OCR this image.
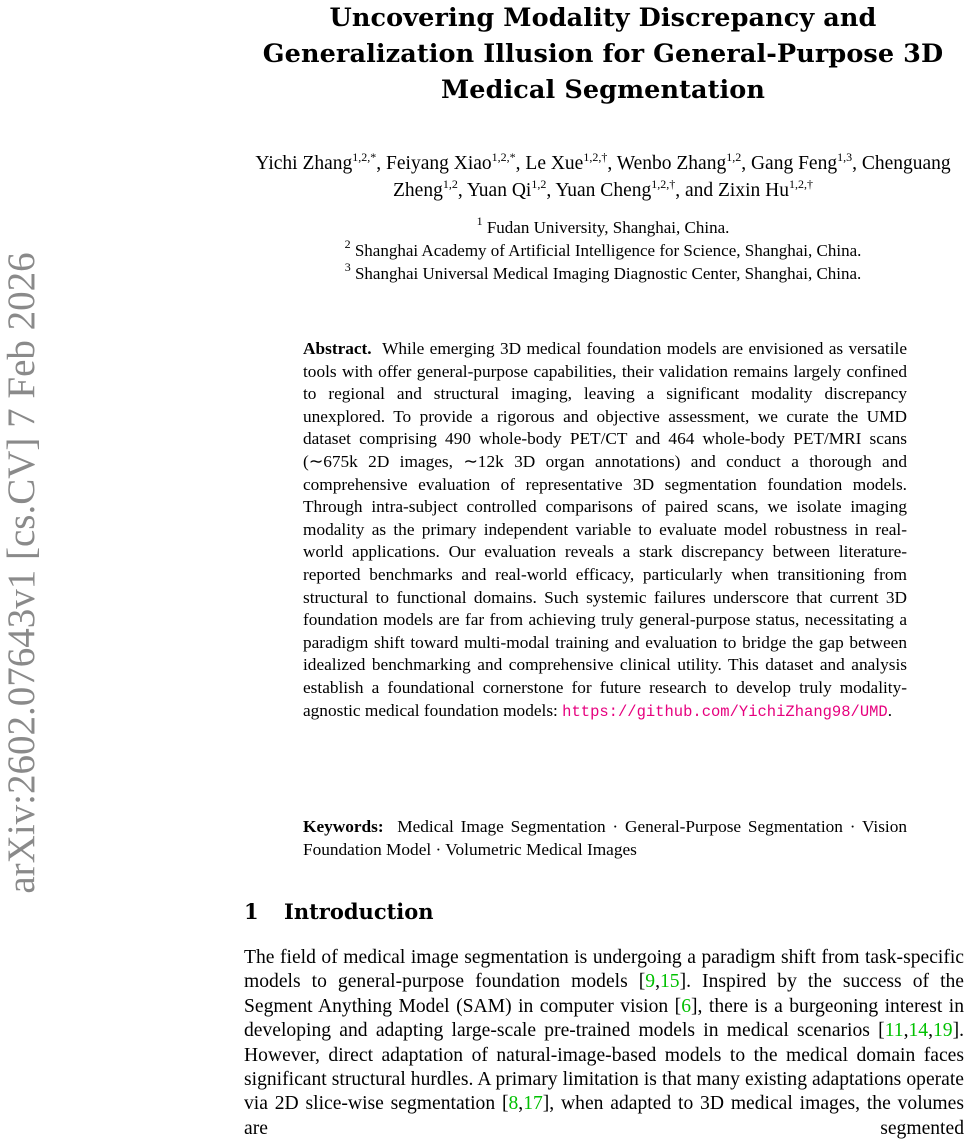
arXiv:2602.07643v1 [cs.CV] 7 Feb 2026
Uncovering Modality Discrepancy and Generalization Illusion for General-Purpose 3D Medical Segmentation
Yichi Zhang$^{1,2,*}$, Feiyang Xiao$^{1,2,*}$, Le Xue$^{1,2,\dagger}$, Wenbo Zhang$^{1,2}$, Gang Feng$^{1,3}$, Chenguang Zheng$^{1,2}$, Yuan Qi$^{1,2}$, Yuan Cheng$^{1,2,\dagger}$, and Zixin $Hu^{1,2,\dagger}$
$^1$ Fudan University, Shanghai, China.
$^2$ Shanghai Academy of Artificial Intelligence for Science, Shanghai, China.
$^3$ Shanghai Universal Medical Imaging Diagnostic Center, Shanghai, China.
Abstract. While emerging 3D medical foundation models are envisioned as versatile tools with offer general-purpose capabilities, their validation remains largely confined to regional and structural imaging, leaving a significant modality discrepancy unexplored. To provide a rigorous and objective assessment, we curate the UMD dataset comprising 490 whole-body PET/CT and 464 whole-body PET/MRI scans (∼675k 2D images, ∼12k 3D organ annotations) and conduct a thorough and comprehensive evaluation of representative 3D segmentation foundation models. Through intra-subject controlled comparisons of paired scans, we isolate imaging modality as the primary independent variable to evaluate model robustness in real-world applications. Our evaluation reveals a stark discrepancy between literature-reported benchmarks and real-world efficacy, particularly when transitioning from structural to functional domains. Such systemic failures underscore that current 3D foundation models are far from achieving truly general-purpose status, necessitating a paradigm shift toward multi-modal training and evaluation to bridge the gap between idealized benchmarking and comprehensive clinical utility. This dataset and analysis establish a foundational cornerstone for future research to develop truly modality-agnostic medical foundation models: https://github.com/YichiZhang98/UMD.
Keywords: Medical Image Segmentation · General-Purpose Segmentation · Vision Foundation Model · Volumetric Medical Images
1 Introduction
The field of medical image segmentation is undergoing a paradigm shift from task-specific models to general-purpose foundation models [9,15]. Inspired by the success of the Segment Anything Model (SAM) in computer vision [6], there is a burgeoning interest in developing and adapting large-scale pre-trained models in medical scenarios [11,14,19]. However, direct adaptation of natural-image-based models to the medical domain faces significant structural hurdles. A primary limitation is that many existing adaptations operate via 2D slice-wise segmentation [8,17], when adapted to 3D medical images, the volumes are segmented
